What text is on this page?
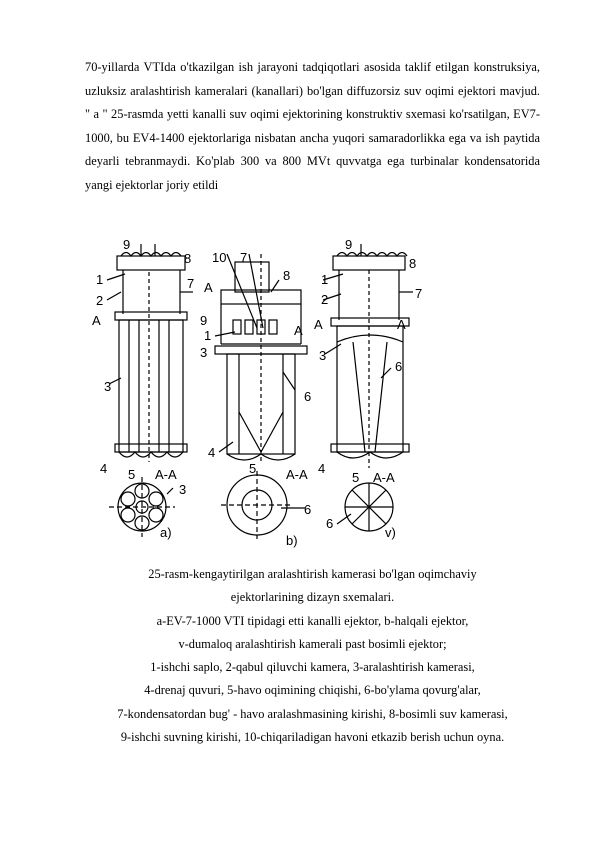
70-yillarda VTIda o'tkazilgan ish jarayoni tadqiqotlari asosida taklif etilgan konstruksiya, uzluksiz aralashtirish kameralari (kanallari) bo'lgan diffuzorsiz suv oqimi ejektori mavjud. " a " 25-rasmda yetti kanalli suv oqimi ejektorining konstruktiv sxemasi ko'rsatilgan, EV7-1000, bu EV4-1400 ejektorlariga nisbatan ancha yuqori samaradorlikka ega va ish paytida deyarli tebranmaydi. Ko'plab 300 va 800 MVt quvvatga ega turbinalar kondensatorida yangi ejektorlar joriy etildi

9
8
1	7
2
A
3
4 5 A-A
3
a)
10 7
8
A
9
1
3
A
6
4
5 A-A
6
b)
9
8
1
2	7
A	A
3
6
4
5 A-A
6
v)
25-rasm-kengaytirilgan aralashtirish kamerasi bo'lgan oqimchaviy
ejektorlarining dizayn sxemalari.
a-EV-7-1000 VTI tipidagi etti kanalli ejektor, b-halqali ejektor,
v-dumaloq aralashtirish kamerali past bosimli ejektor;
1-ishchi saplo, 2-qabul qiluvchi kamera, 3-aralashtirish kamerasi,
4-drenaj quvuri, 5-havo oqimining chiqishi, 6-bo'ylama qovurg'alar,
7-kondensatordan bug' - havo aralashmasining kirishi, 8-bosimli suv kamerasi,
9-ishchi suvning kirishi, 10-chiqariladigan havoni etkazib berish uchun oyna.
